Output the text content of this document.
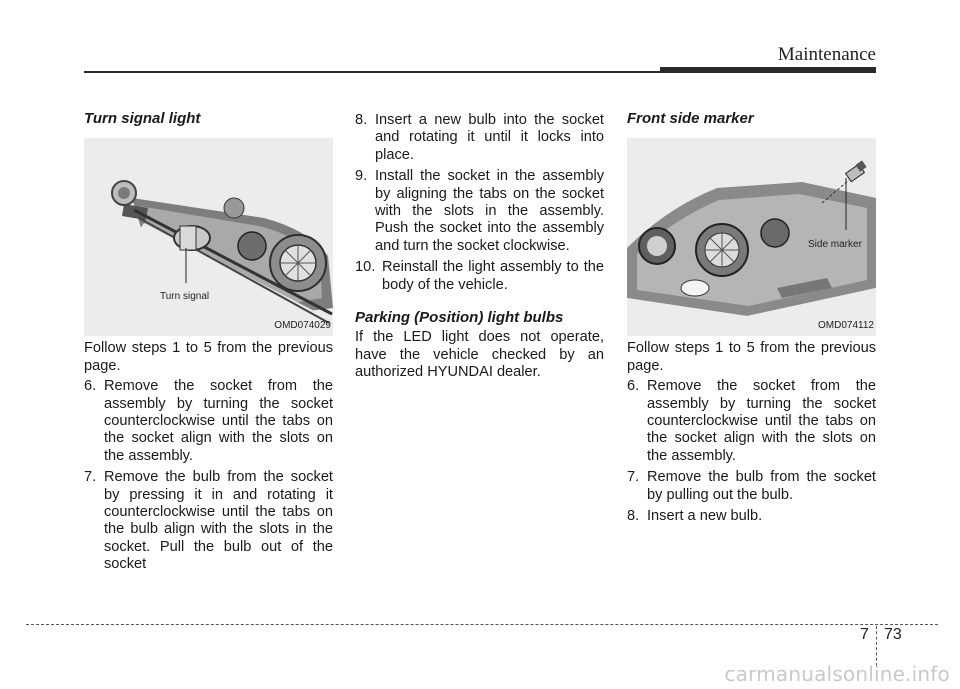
Maintenance
Turn signal light
Turn signal
OMD074029

Follow steps 1 to 5 from the previous page.

6. Remove the socket from the assembly by turning the socket counterclockwise until the tabs on the socket align with the slots on the assembly.
7. Remove the bulb from the socket by pressing it in and rotating it counterclockwise until the tabs on the bulb align with the slots in the socket. Pull the bulb out of the socket
8. Insert a new bulb into the socket and rotating it until it locks into place.
9. Install the socket in the assembly by aligning the tabs on the socket with the slots in the assembly. Push the socket into the assembly and turn the socket clockwise.
10. Reinstall the light assembly to the body of the vehicle.
Parking (Position) light bulbs

If the LED light does not operate, have the vehicle checked by an authorized HYUNDAI dealer.

Front side marker
Side marker
OMD074112

Follow steps 1 to 5 from the previous page.

6. Remove the socket from the assembly by turning the socket counterclockwise until the tabs on the socket align with the slots on the assembly.
7. Remove the bulb from the socket by pulling out the bulb.
8. Insert a new bulb.
7 73
carmanualsonline.info
